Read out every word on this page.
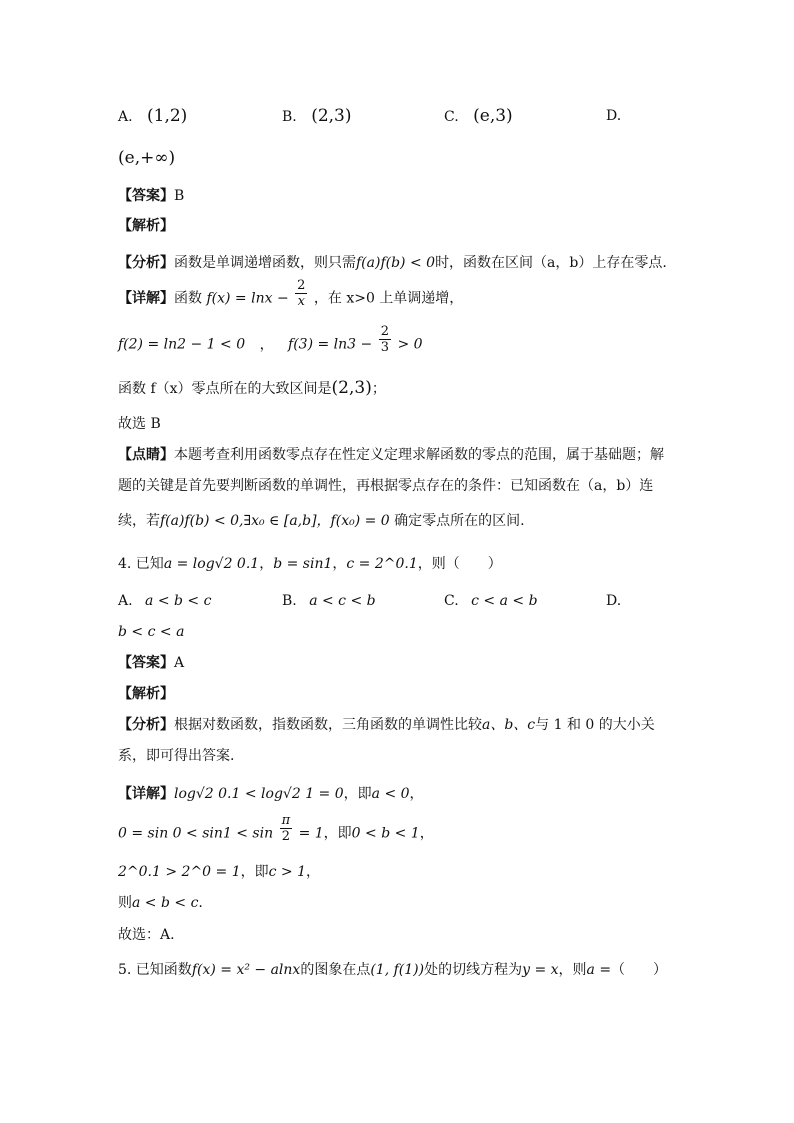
A. (1,2)	B. (2,3)	C. (e,3)	D.
(e,+∞)
【答案】B
【解析】
【分析】函数是单调递增函数，则只需f(a)f(b) < 0时，函数在区间（a，b）上存在零点.
【详解】函数 $f(x) = \ln x - \frac{2}{x}$ ，在 x>0 上单调递增，
f(2) = ln2 − 1 < 0 ， $f(3) = \ln 3 - \frac{2}{3} > 0$
函数 f（x）零点所在的大致区间是(2,3)；
故选 B
【点睛】本题考查利用函数零点存在性定义定理求解函数的零点的范围，属于基础题；解
题的关键是首先要判断函数的单调性，再根据零点存在的条件：已知函数在（a，b）连
续，若f(a)f(b) < 0,∃x₀ ∈ [a,b]，f(x₀) = 0 确定零点所在的区间.
4. 已知a = log√2 0.1，b = sin1，c = 2^0.1，则（　　）
A. a < b < c	B. a < c < b	C. c < a < b	D.
b < c < a
【答案】A
【解析】
【分析】根据对数函数，指数函数，三角函数的单调性比较a、b、c与 1 和 0 的大小关
系，即可得出答案.
【详解】log√2 0.1 < log√2 1 = 0，即a < 0，
$0 = \sin 0 < \sin 1 < \sin \frac{\pi}{2} = 1$，即0 < b < 1，
2^0.1 > 2^0 = 1，即c > 1，
则a < b < c.
故选：A.
5. 已知函数f(x) = x² − alnx的图象在点(1, f(1))处的切线方程为y = x，则a =（　　）
